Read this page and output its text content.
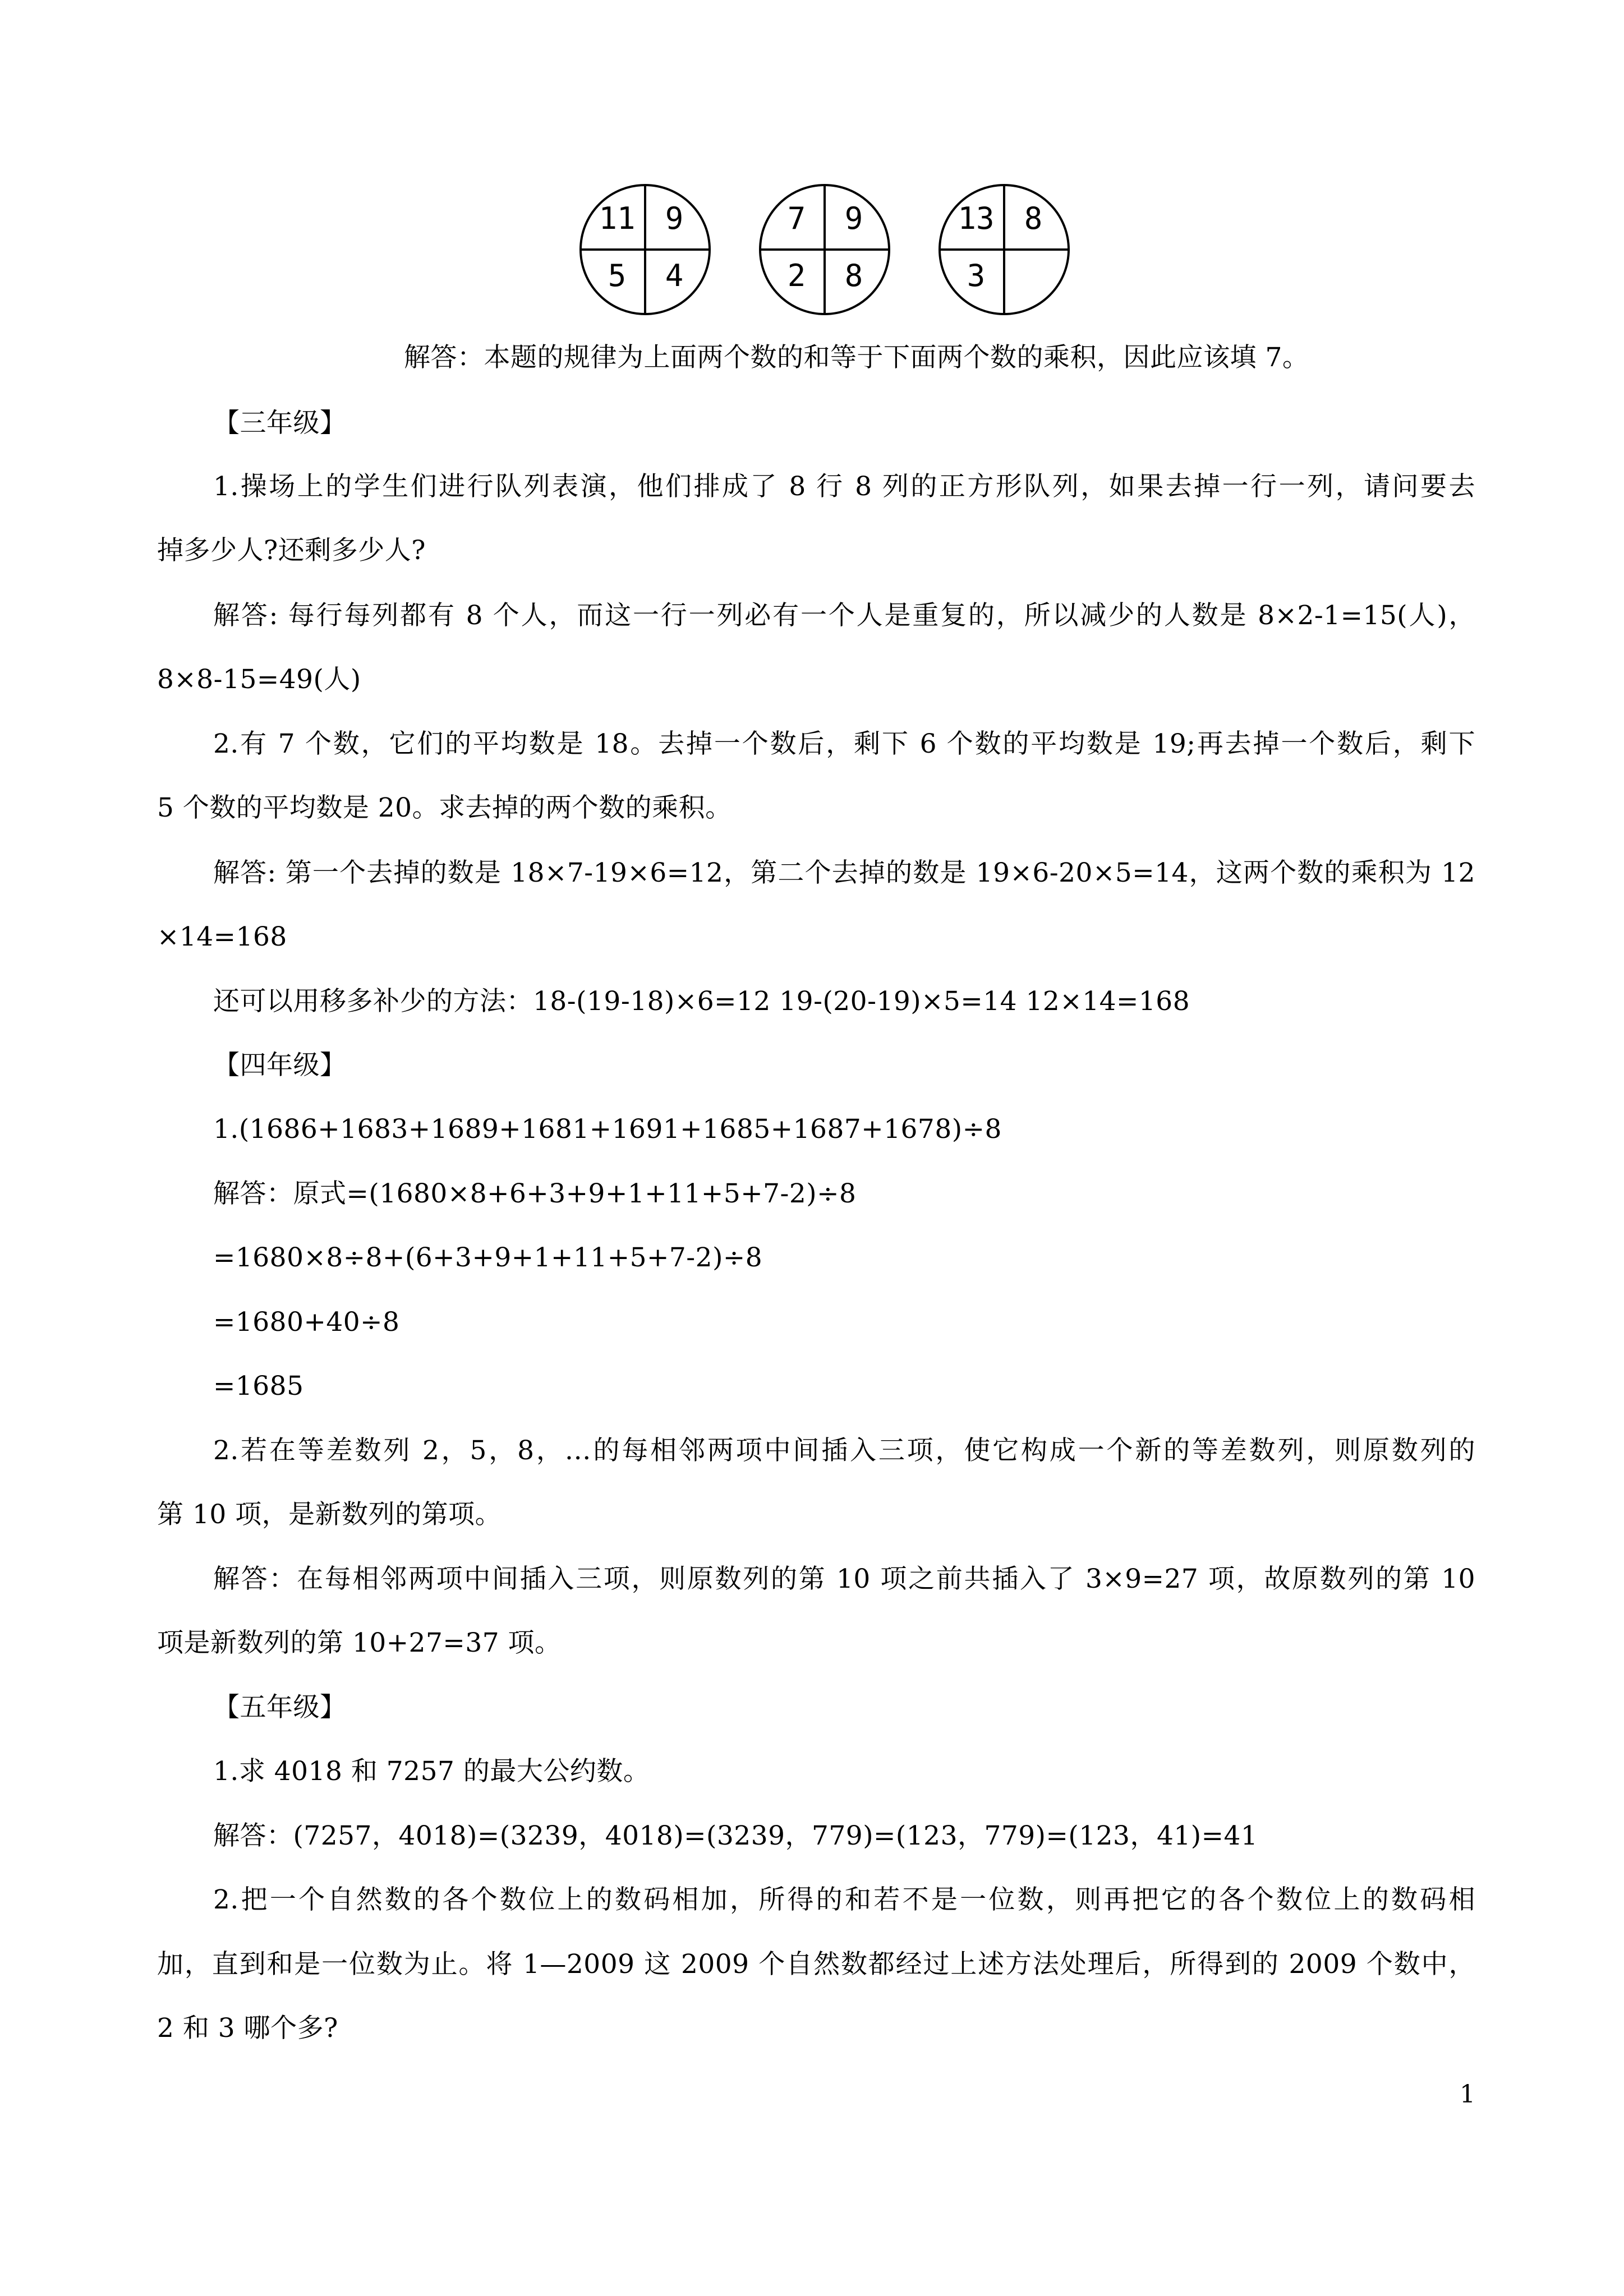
11 9
5 4
7 9
2 8
13 8
3
解答：本题的规律为上面两个数的和等于下面两个数的乘积，因此应该填 7。
【三年级】
1.操场上的学生们进行队列表演，他们排成了 8 行 8 列的正方形队列，如果去掉一行一列，请问要去
掉多少人?还剩多少人?
解答: 每行每列都有 8 个人，而这一行一列必有一个人是重复的，所以减少的人数是 8×2-1=15(人)，
8×8-15=49(人)
2.有 7 个数，它们的平均数是 18。去掉一个数后，剩下 6 个数的平均数是 19;再去掉一个数后，剩下
5 个数的平均数是 20。求去掉的两个数的乘积。
解答: 第一个去掉的数是 18×7-19×6=12，第二个去掉的数是 19×6-20×5=14，这两个数的乘积为 12
×14=168
还可以用移多补少的方法：18-(19-18)×6=12 19-(20-19)×5=14 12×14=168
【四年级】
1.(1686+1683+1689+1681+1691+1685+1687+1678)÷8
解答：原式=(1680×8+6+3+9+1+11+5+7-2)÷8
=1680×8÷8+(6+3+9+1+11+5+7-2)÷8
=1680+40÷8
=1685
2.若在等差数列 2，5，8，…的每相邻两项中间插入三项，使它构成一个新的等差数列，则原数列的
第 10 项，是新数列的第项。
解答：在每相邻两项中间插入三项，则原数列的第 10 项之前共插入了 3×9=27 项，故原数列的第 10
项是新数列的第 10+27=37 项。
【五年级】
1.求 4018 和 7257 的最大公约数。
解答：(7257，4018)=(3239，4018)=(3239，779)=(123，779)=(123，41)=41
2.把一个自然数的各个数位上的数码相加，所得的和若不是一位数，则再把它的各个数位上的数码相
加，直到和是一位数为止。将 1—2009 这 2009 个自然数都经过上述方法处理后，所得到的 2009 个数中，
2 和 3 哪个多?
1
